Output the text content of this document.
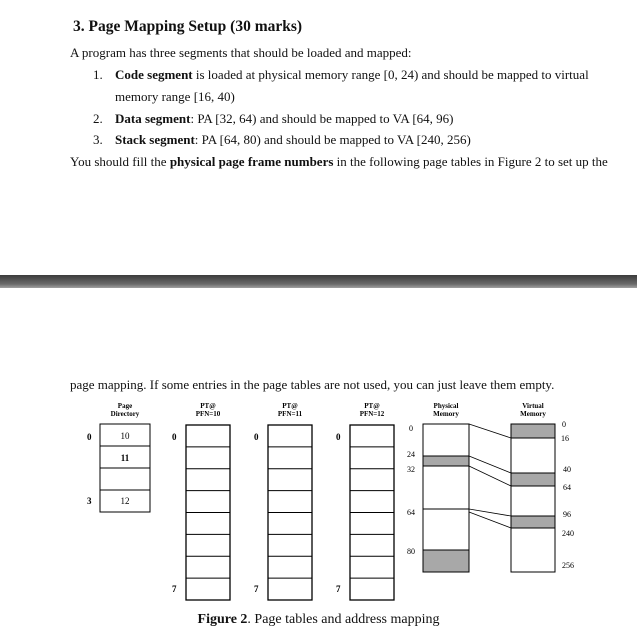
3. Page Mapping Setup (30 marks)
A program has three segments that should be loaded and mapped:
1. Code segment is loaded at physical memory range [0, 24) and should be mapped to virtual
memory range [16, 40)
2. Data segment: PA [32, 64) and should be mapped to VA [64, 96)
3. Stack segment: PA [64, 80) and should be mapped to VA [240, 256)
You should fill the physical page frame numbers in the following page tables in Figure 2 to set up the
page mapping. If some entries in the page tables are not used, you can just leave them empty.
Page
Directory
10
11
12
0
3
PT@
PFN=10
0
7
PT@
PFN=11
0
7
PT@
PFN=12
0
7
Physical
Memory
0
24
32
64
80
Virtual
Memory
0
16
40
64
96
240
256
Figure 2. Page tables and address mapping
